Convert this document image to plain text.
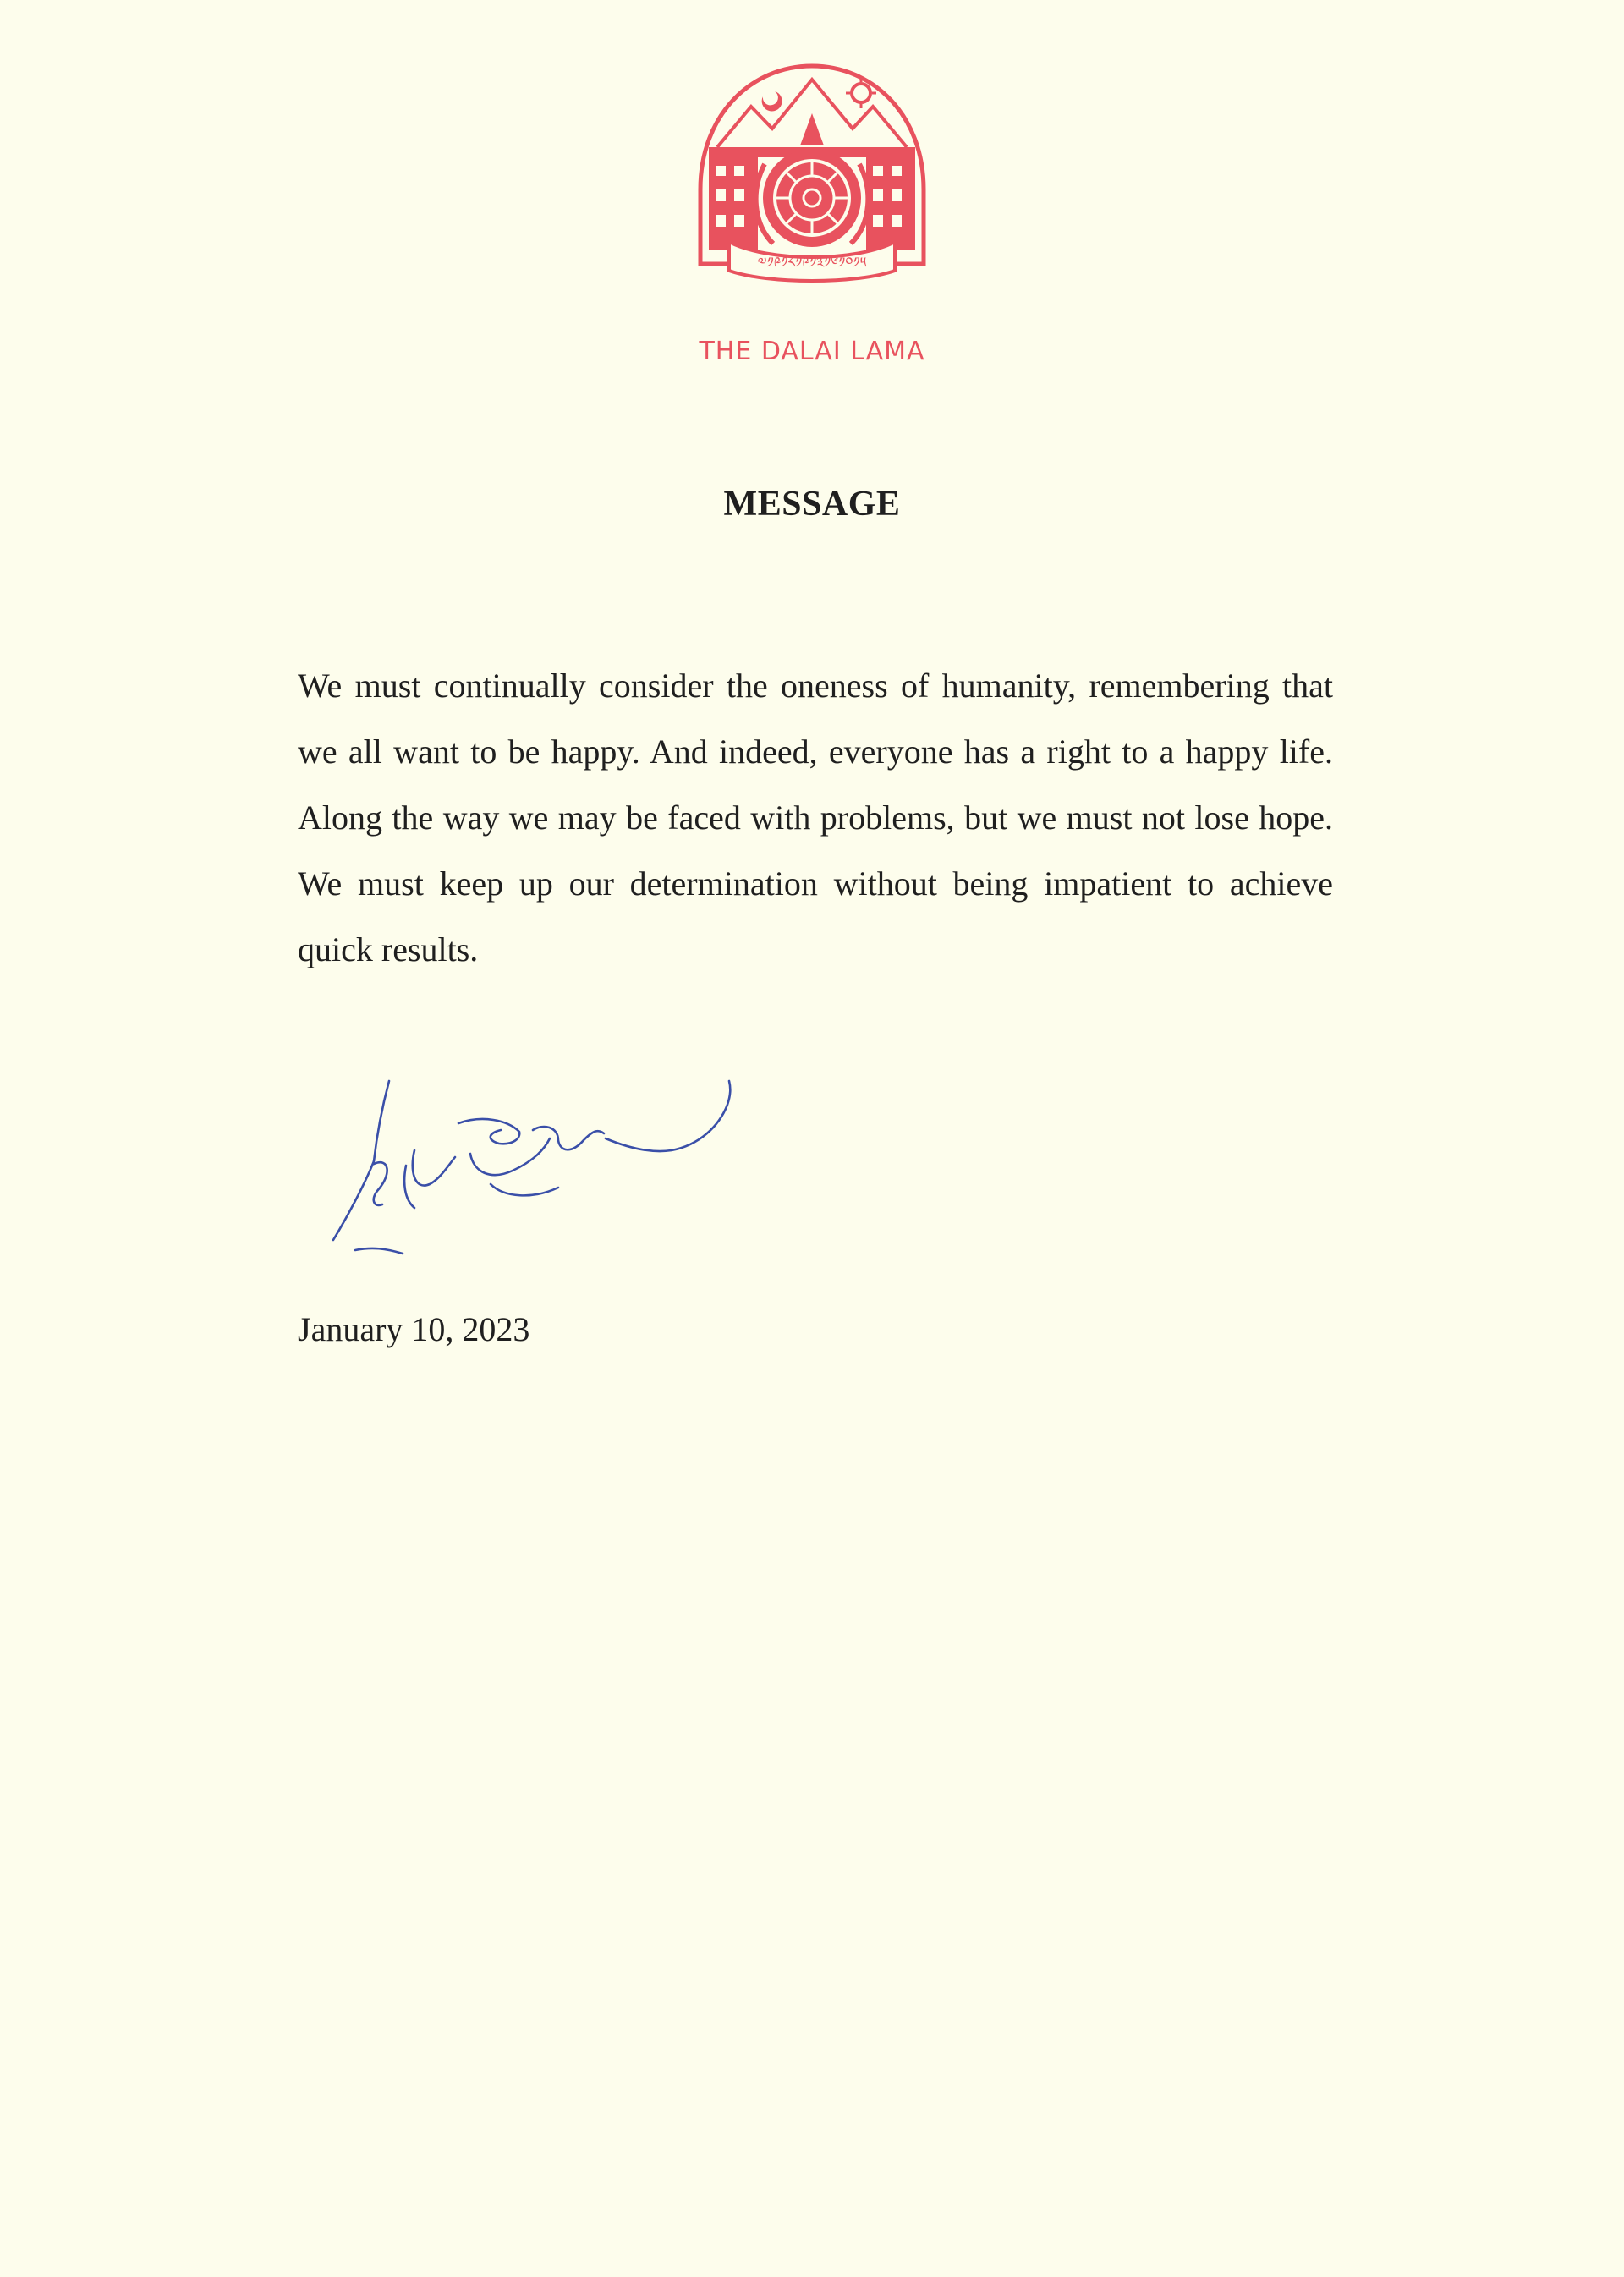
༧༡༩༡༨༡༩༡༣༡༦༡༠༡༥
THE DALAI LAMA
MESSAGE
We must continually consider the oneness of humanity, remembering that we all want to be happy. And indeed, everyone has a right to a happy life. Along the way we may be faced with problems, but we must not lose hope. We must keep up our determination without being impatient to achieve quick results.
January 10, 2023
